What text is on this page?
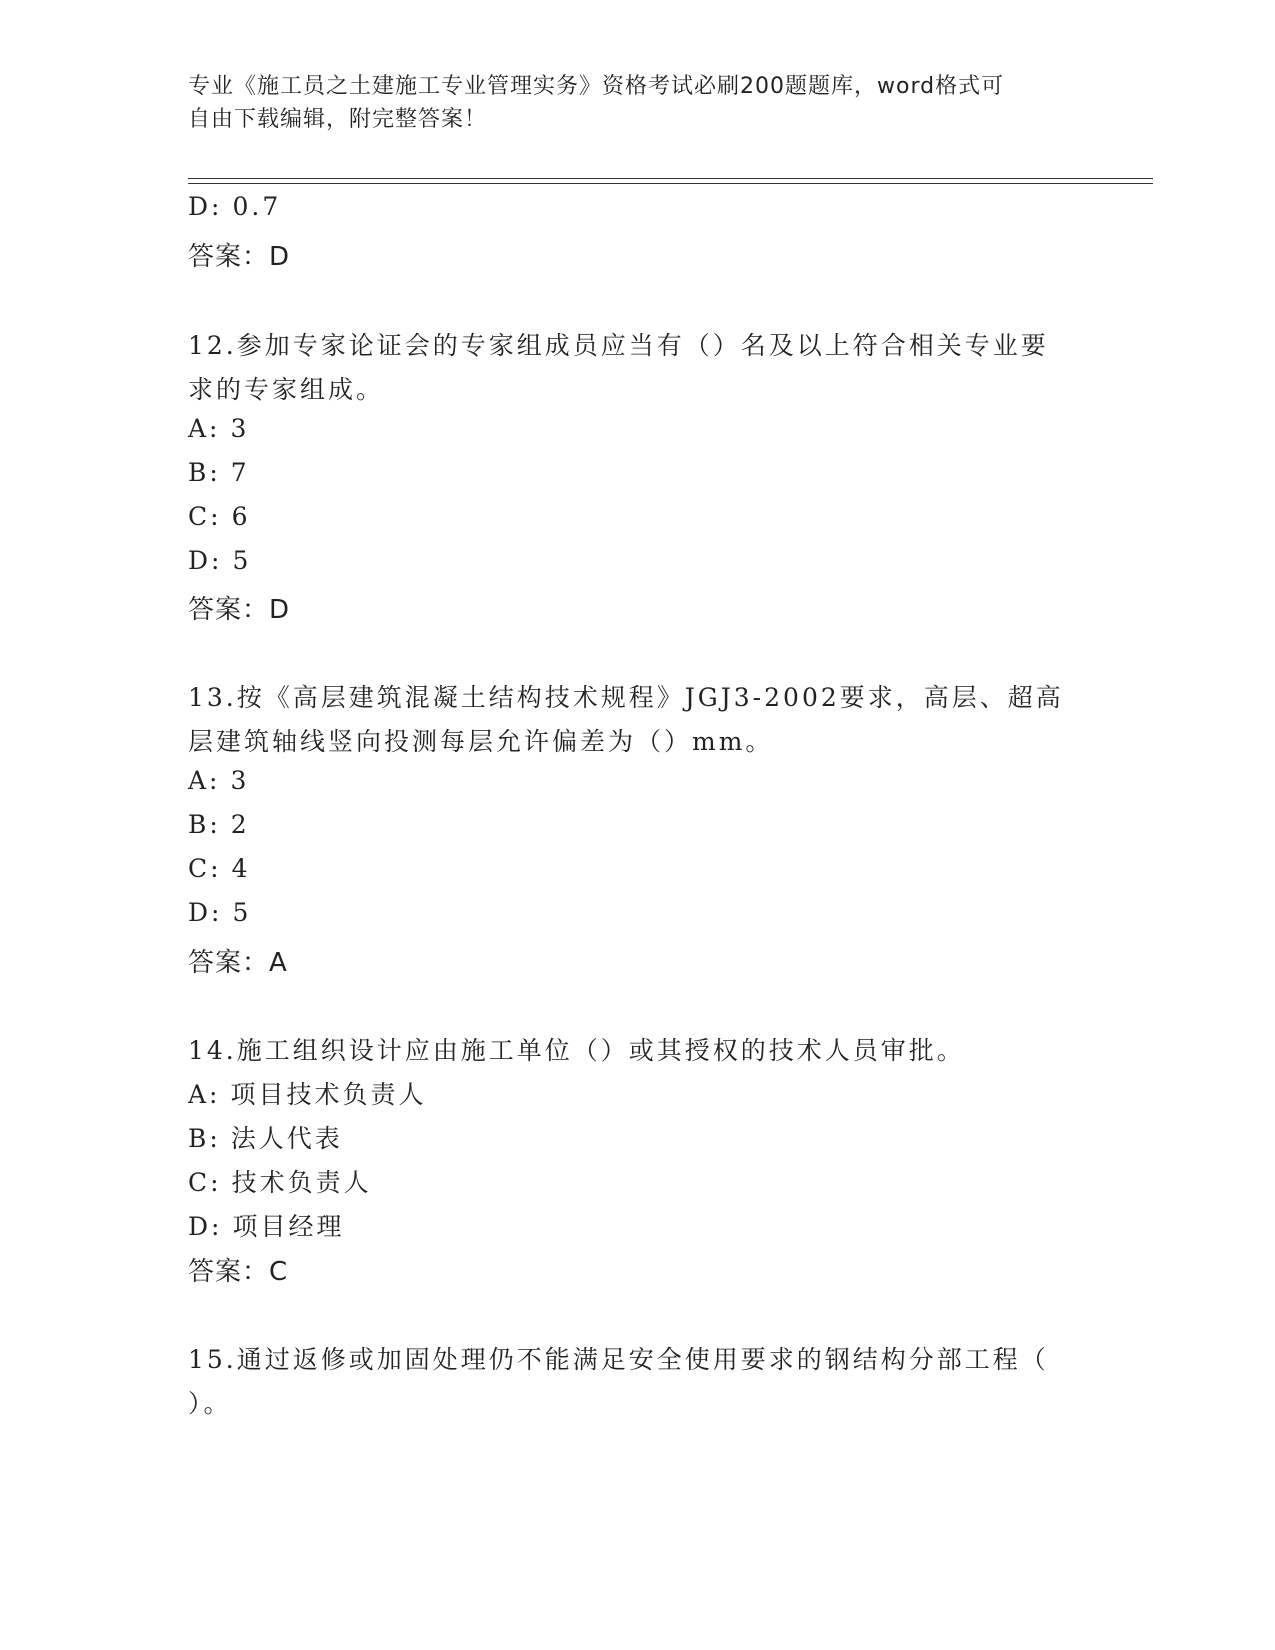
专业《施工员之土建施工专业管理实务》资格考试必刷200题题库，word格式可
自由下载编辑，附完整答案！
D: 0.7
答案：D
12.参加专家论证会的专家组成员应当有（）名及以上符合相关专业要
求的专家组成。
A: 3
B: 7
C: 6
D: 5
答案：D
13.按《高层建筑混凝土结构技术规程》JGJ3-2002要求，高层、超高
层建筑轴线竖向投测每层允许偏差为（）mm。
A: 3
B: 2
C: 4
D: 5
答案：A
14.施工组织设计应由施工单位（）或其授权的技术人员审批。
A: 项目技术负责人
B: 法人代表
C: 技术负责人
D: 项目经理
答案：C
15.通过返修或加固处理仍不能满足安全使用要求的钢结构分部工程（
）。
